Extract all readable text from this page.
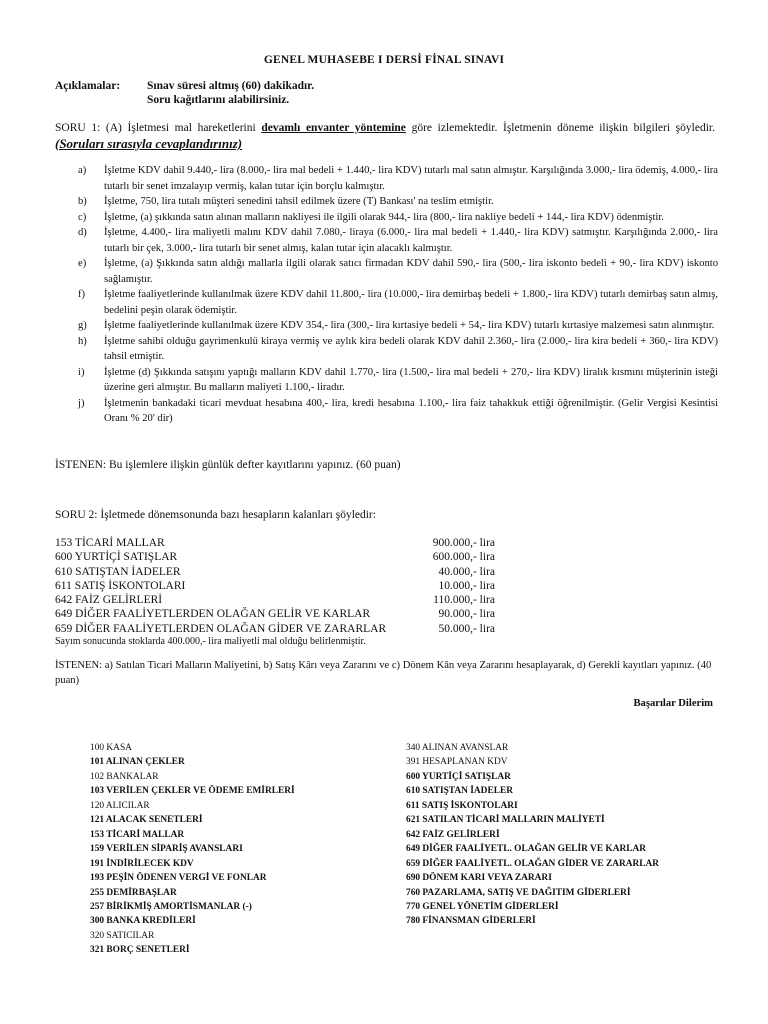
GENEL MUHASEBE I DERSİ FİNAL SINAVI
Açıklamalar: Sınav süresi altmış (60) dakikadır.
Soru kağıtlarını alabilirsiniz.
SORU 1: (A) İşletmesi mal hareketlerini devamlı envanter yöntemine göre izlemektedir. İşletmenin döneme ilişkin bilgileri şöyledir. (Soruları sırasıyla cevaplandırınız)
a)	İşletme KDV dahil 9.440,- lira (8.000,- lira mal bedeli + 1.440,- lira KDV) tutarlı mal satın almıştır. Karşılığında 3.000,- lira ödemiş, 4.000,- lira tutarlı bir senet imzalayıp vermiş, kalan tutar için borçlu kalmıştır.
b)	İşletme, 750, lira tutalı müşteri senedini tahsil edilmek üzere (T) Bankası' na teslim etmiştir.
c)	İşletme, (a) şıkkında satın alınan malların nakliyesi ile ilgili olarak 944,- lira (800,- lira nakliye bedeli + 144,- lira KDV) ödenmiştir.
d)	İşletme, 4.400,- lira maliyetli malını KDV dahil 7.080,- liraya (6.000,- lira mal bedeli + 1.440,- lira KDV) satmıştır. Karşılığında 2.000,- lira tutarlı bir çek, 3.000,- lira tutarlı bir senet almış, kalan tutar için alacaklı kalmıştır.
e)	İşletme, (a) Şıkkında satın aldığı mallarla ilgili olarak satıcı firmadan KDV dahil 590,- lira (500,- lira iskonto bedeli + 90,- lira KDV) iskonto sağlamıştır.
f)	İşletme faaliyetlerinde kullanılmak üzere KDV dahil 11.800,- lira (10.000,- lira demirbaş bedeli + 1.800,- lira KDV) tutarlı demirbaş satın almış, bedelini peşin olarak ödemiştir.
g)	İşletme faaliyetlerinde kullanılmak üzere KDV 354,- lira (300,- lira kırtasiye bedeli + 54,- lira KDV) tutarlı kırtasiye malzemesi satın alınmıştır.
h)	İşletme sahibi olduğu gayrimenkulü kiraya vermiş ve aylık kira bedeli olarak KDV dahil 2.360,- lira (2.000,- lira kira bedeli + 360,- lira KDV) tahsil etmiştir.
i)	İşletme (d) Şıkkında satışını yaptığı malların KDV dahil 1.770,- lira (1.500,- lira mal bedeli + 270,- lira KDV) liralık kısmını müşterinin isteği üzerine geri almıştır. Bu malların maliyeti 1.100,- liradır.
j)	İşletmenin bankadaki ticari mevduat hesabına 400,- lira, kredi hesabına 1.100,- lira faiz tahakkuk ettiği öğrenilmiştir. (Gelir Vergisi Kesintisi Oranı % 20' dir)
İSTENEN: Bu işlemlere ilişkin günlük defter kayıtlarını yapınız. (60 puan)
SORU 2: İşletmede dönemsonunda bazı hesapların kalanları şöyledir:
153 TİCARİ MALLAR	900.000,- lira
600 YURTİÇİ SATIŞLAR	600.000,- lira
610 SATIŞTAN İADELER	40.000,- lira
611 SATIŞ İSKONTOLARI	10.000,- lira
642 FAİZ GELİRLERİ	110.000,- lira
649 DİĞER FAALİYETLERDEN OLAĞAN GELİR VE KARLAR	90.000,- lira
659 DİĞER FAALİYETLERDEN OLAĞAN GİDER VE ZARARLAR	50.000,- lira
Sayım sonucunda stoklarda 400.000,- lira maliyetli mal olduğu belirlenmiştir.
İSTENEN: a) Satılan Ticari Malların Maliyetini, b) Satış Kârı veya Zararını ve c) Dönem Kân veya Zararını hesaplayarak, d) Gerekli kayıtları yapınız. (40 puan)
Başarılar Dilerim
100 KASA
101 ALINAN ÇEKLER
102 BANKALAR
103 VERİLEN ÇEKLER VE ÖDEME EMİRLERİ
120 ALICILAR
121 ALACAK SENETLERİ
153 TİCARİ MALLAR
159 VERİLEN SİPARİŞ AVANSLARI
191 İNDİRİLECEK KDV
193 PEŞİN ÖDENEN VERGİ VE FONLAR
255 DEMİRBAŞLAR
257 BİRİKMİŞ AMORTİSMANLAR (-)
300 BANKA KREDİLERİ
320 SATICILAR
321 BORÇ SENETLERİ
340 ALINAN AVANSLAR
391 HESAPLANAN KDV
600 YURTİÇİ SATIŞLAR
610 SATIŞTAN İADELER
611 SATIŞ İSKONTOLARI
621 SATILAN TİCARİ MALLARIN MALİYETİ
642 FAİZ GELİRLERİ
649 DİĞER FAALİYETL. OLAĞAN GELİR VE KARLAR
659 DİĞER FAALİYETL. OLAĞAN GİDER VE ZARARLAR
690 DÖNEM KARI VEYA ZARARI
760 PAZARLAMA, SATIŞ VE DAĞITIM GİDERLERİ
770 GENEL YÖNETİM GİDERLERİ
780 FİNANSMAN GİDERLERİ
